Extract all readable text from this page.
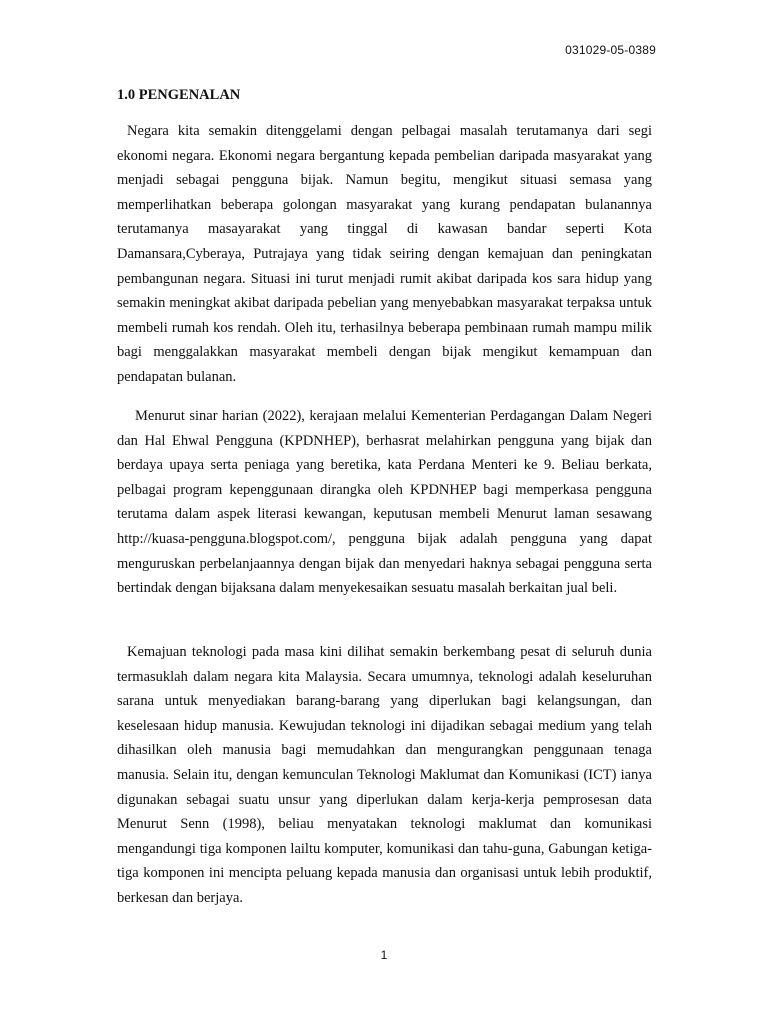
031029-05-0389
1.0 PENGENALAN

Negara kita semakin ditenggelami dengan pelbagai masalah terutamanya dari segi ekonomi negara. Ekonomi negara bergantung kepada pembelian daripada masyarakat yang menjadi sebagai pengguna bijak. Namun begitu, mengikut situasi semasa yang memperlihatkan beberapa golongan masyarakat yang kurang pendapatan bulanannya terutamanya masayarakat yang tinggal di kawasan bandar seperti Kota Damansara,Cyberaya, Putrajaya yang tidak seiring dengan kemajuan dan peningkatan pembangunan negara. Situasi ini turut menjadi rumit akibat daripada kos sara hidup yang semakin meningkat akibat daripada pebelian yang menyebabkan masyarakat terpaksa untuk membeli rumah kos rendah. Oleh itu, terhasilnya beberapa pembinaan rumah mampu milik bagi menggalakkan masyarakat membeli dengan bijak mengikut kemampuan dan pendapatan bulanan.

Menurut sinar harian (2022), kerajaan melalui Kementerian Perdagangan Dalam Negeri dan Hal Ehwal Pengguna (KPDNHEP), berhasrat melahirkan pengguna yang bijak dan berdaya upaya serta peniaga yang beretika, kata Perdana Menteri ke 9. Beliau berkata, pelbagai program kepenggunaan dirangka oleh KPDNHEP bagi memperkasa pengguna terutama dalam aspek literasi kewangan, keputusan membeli Menurut laman sesawang http://kuasa-pengguna.blogspot.com/, pengguna bijak adalah pengguna yang dapat menguruskan perbelanjaannya dengan bijak dan menyedari haknya sebagai pengguna serta bertindak dengan bijaksana dalam menyekesaikan sesuatu masalah berkaitan jual beli.

Kemajuan teknologi pada masa kini dilihat semakin berkembang pesat di seluruh dunia termasuklah dalam negara kita Malaysia. Secara umumnya, teknologi adalah keseluruhan sarana untuk menyediakan barang-barang yang diperlukan bagi kelangsungan, dan keselesaan hidup manusia. Kewujudan teknologi ini dijadikan sebagai medium yang telah dihasilkan oleh manusia bagi memudahkan dan mengurangkan penggunaan tenaga manusia. Selain itu, dengan kemunculan Teknologi Maklumat dan Komunikasi (ICT) ianya digunakan sebagai suatu unsur yang diperlukan dalam kerja-kerja pemprosesan data Menurut Senn (1998), beliau menyatakan teknologi maklumat dan komunikasi mengandungi tiga komponen lailtu komputer, komunikasi dan tahu-guna, Gabungan ketiga-tiga komponen ini mencipta peluang kepada manusia dan organisasi untuk lebih produktif, berkesan dan berjaya.

1
